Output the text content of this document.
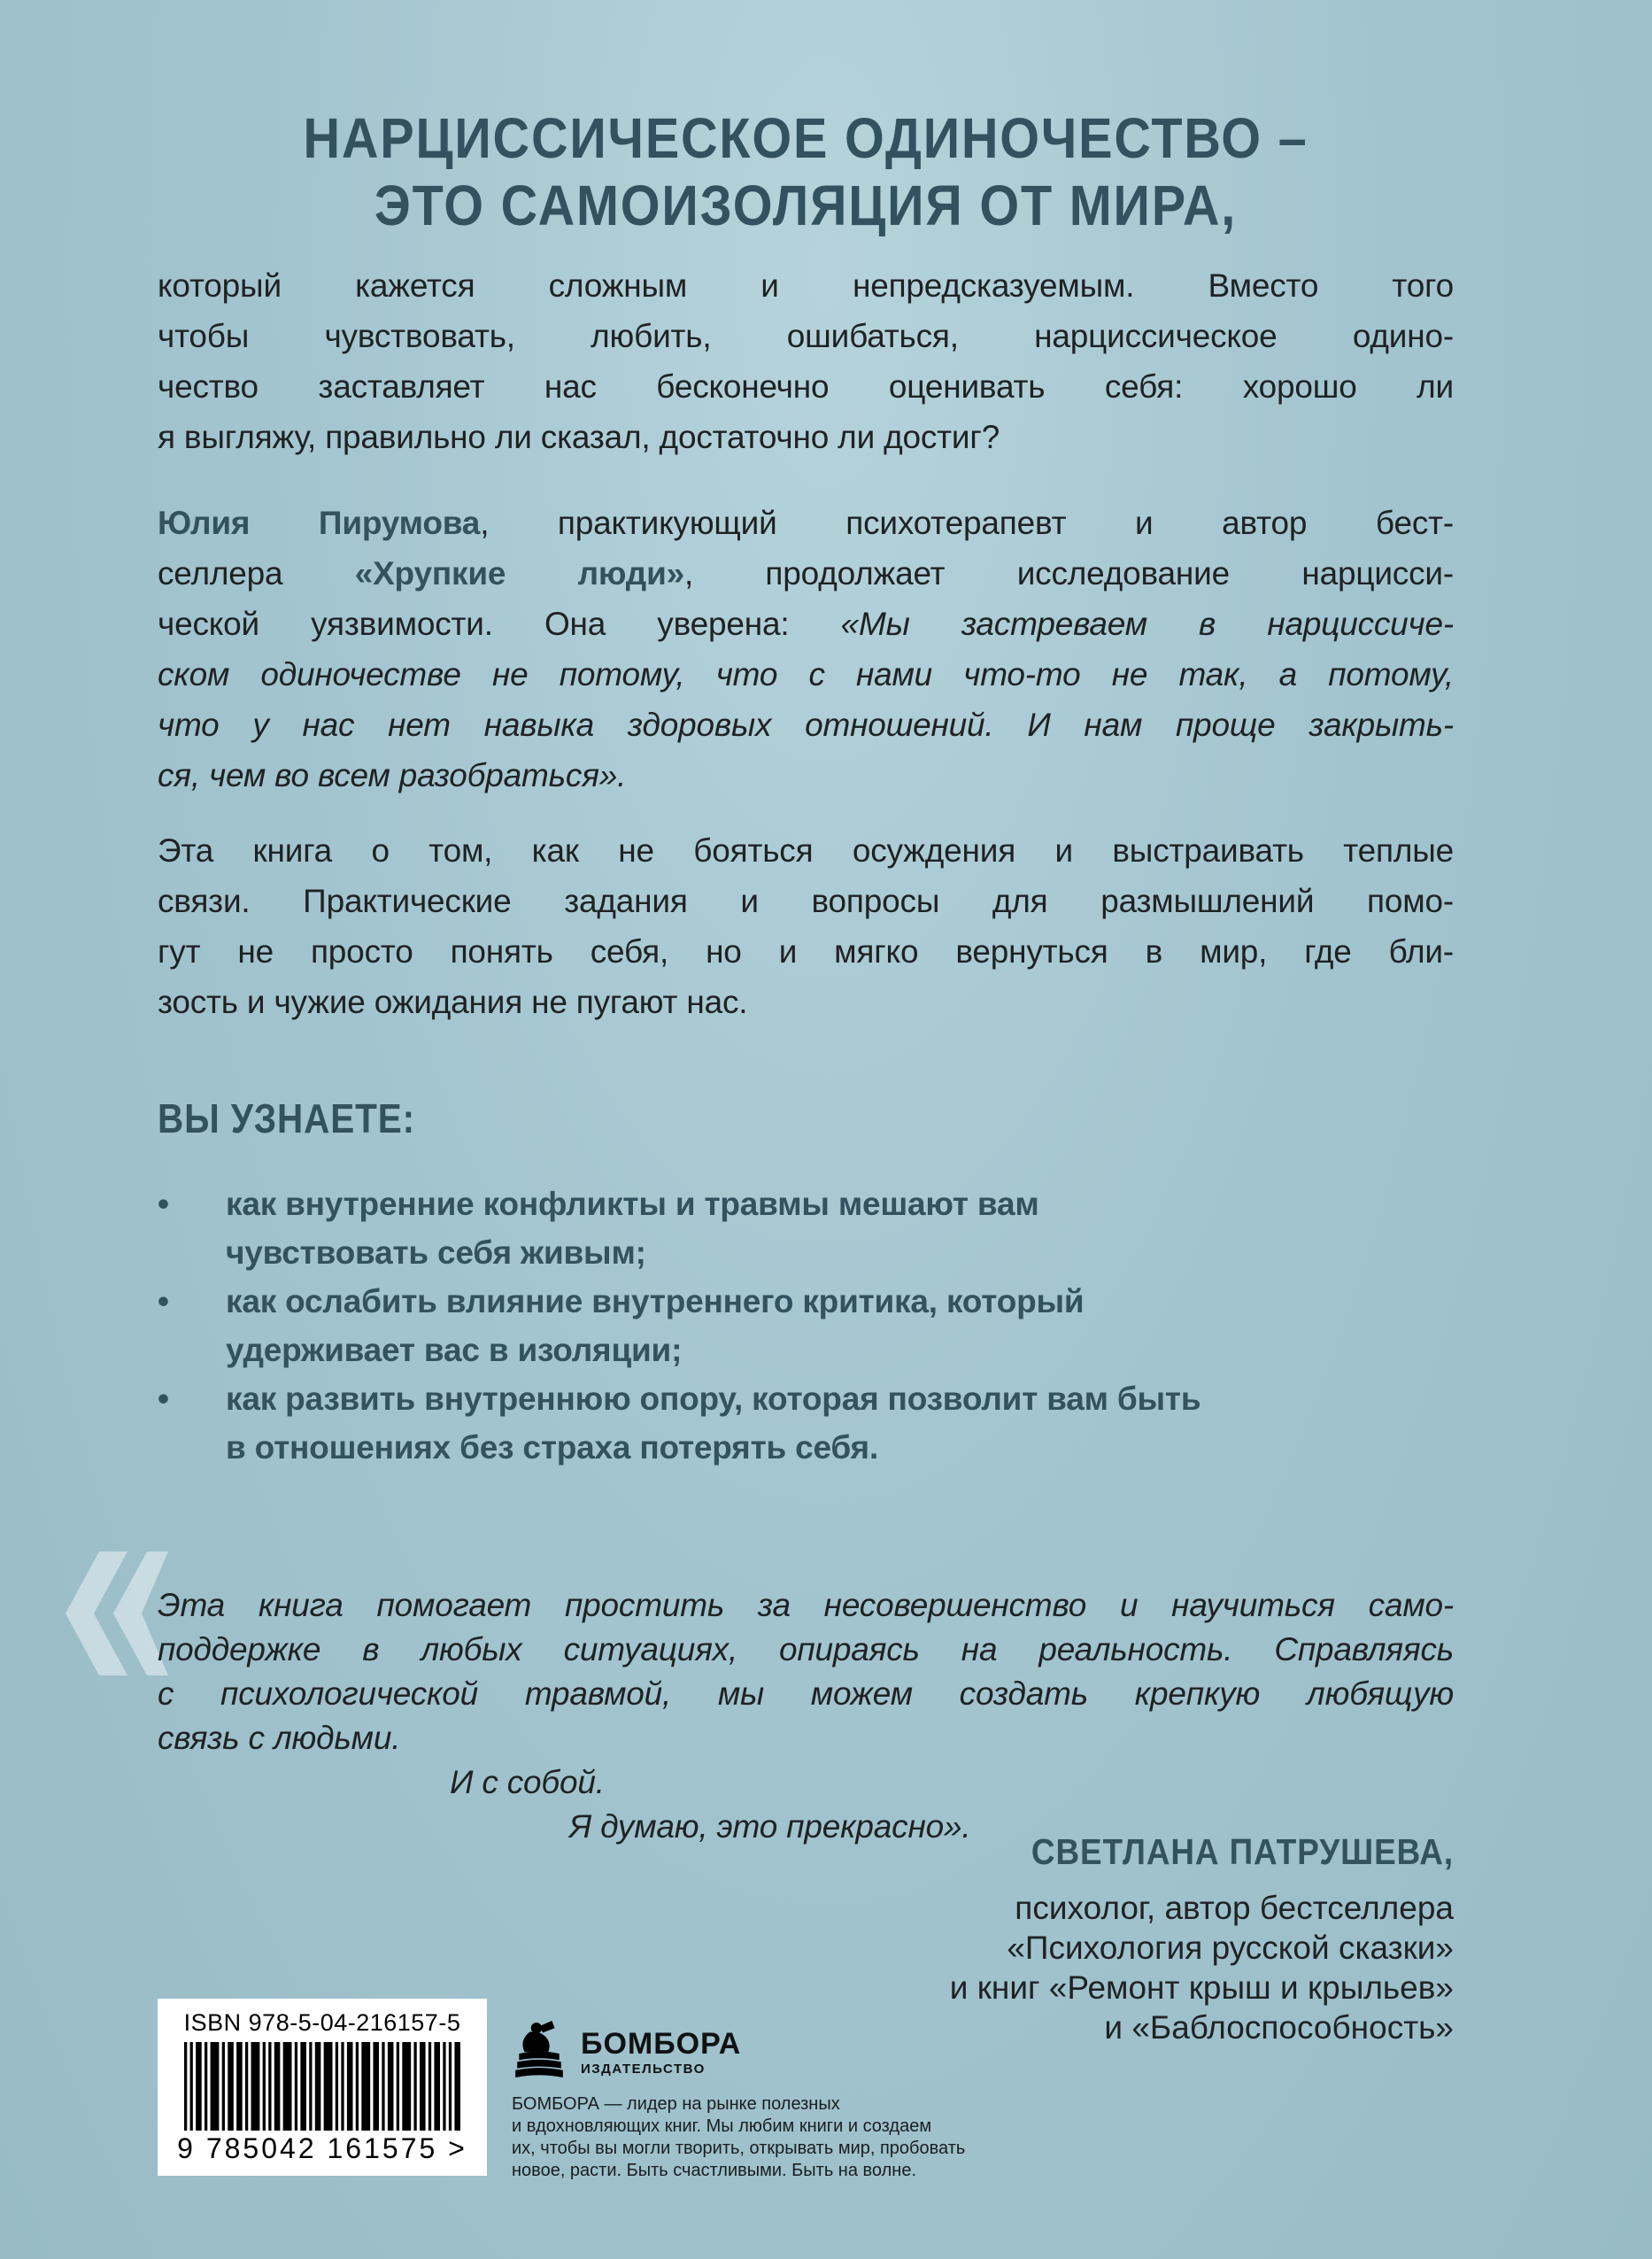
НАРЦИССИЧЕСКОЕ ОДИНОЧЕСТВО –
ЭТО САМОИЗОЛЯЦИЯ ОТ МИРА,
который кажется сложным и непредсказуемым. Вместо того
чтобы чувствовать, любить, ошибаться, нарциссическое одино-
чество заставляет нас бесконечно оценивать себя: хорошо ли
я выгляжу, правильно ли сказал, достаточно ли достиг?
Юлия Пирумова, практикующий психотерапевт и автор бест-
селлера «Хрупкие люди», продолжает исследование нарцисси-
ческой уязвимости. Она уверена: «Мы застреваем в нарциссиче-
ском одиночестве не потому, что с нами что-то не так, а потому,
что у нас нет навыка здоровых отношений. И нам проще закрыть-
ся, чем во всем разобраться».
Эта книга о том, как не бояться осуждения и выстраивать теплые
связи. Практические задания и вопросы для размышлений помо-
гут не просто понять себя, но и мягко вернуться в мир, где бли-
зость и чужие ожидания не пугают нас.
ВЫ УЗНАЕТЕ:
•	как внутренние конфликты и травмы мешают вам
чувствовать себя живым;
•	как ослабить влияние внутреннего критика, который
удерживает вас в изоляции;
•	как развить внутреннюю опору, которая позволит вам быть
в отношениях без страха потерять себя.
Эта книга помогает простить за несовершенство и научиться само-
поддержке в любых ситуациях, опираясь на реальность. Справляясь
с психологической травмой, мы можем создать крепкую любящую
связь с людьми.
И с собой.
Я думаю, это прекрасно».
СВЕТЛАНА ПАТРУШЕВА,
психолог, автор бестселлера
«Психология русской сказки»
и книг «Ремонт крыш и крыльев»
и «Баблоспособность»
ISBN 978-5-04-216157-5
9 785042 161575 >
БОМБОРА
ИЗДАТЕЛЬСТВО
БОМБОРА — лидер на рынке полезных
и вдохновляющих книг. Мы любим книги и создаем
их, чтобы вы могли творить, открывать мир, пробовать
новое, расти. Быть счастливыми. Быть на волне.
